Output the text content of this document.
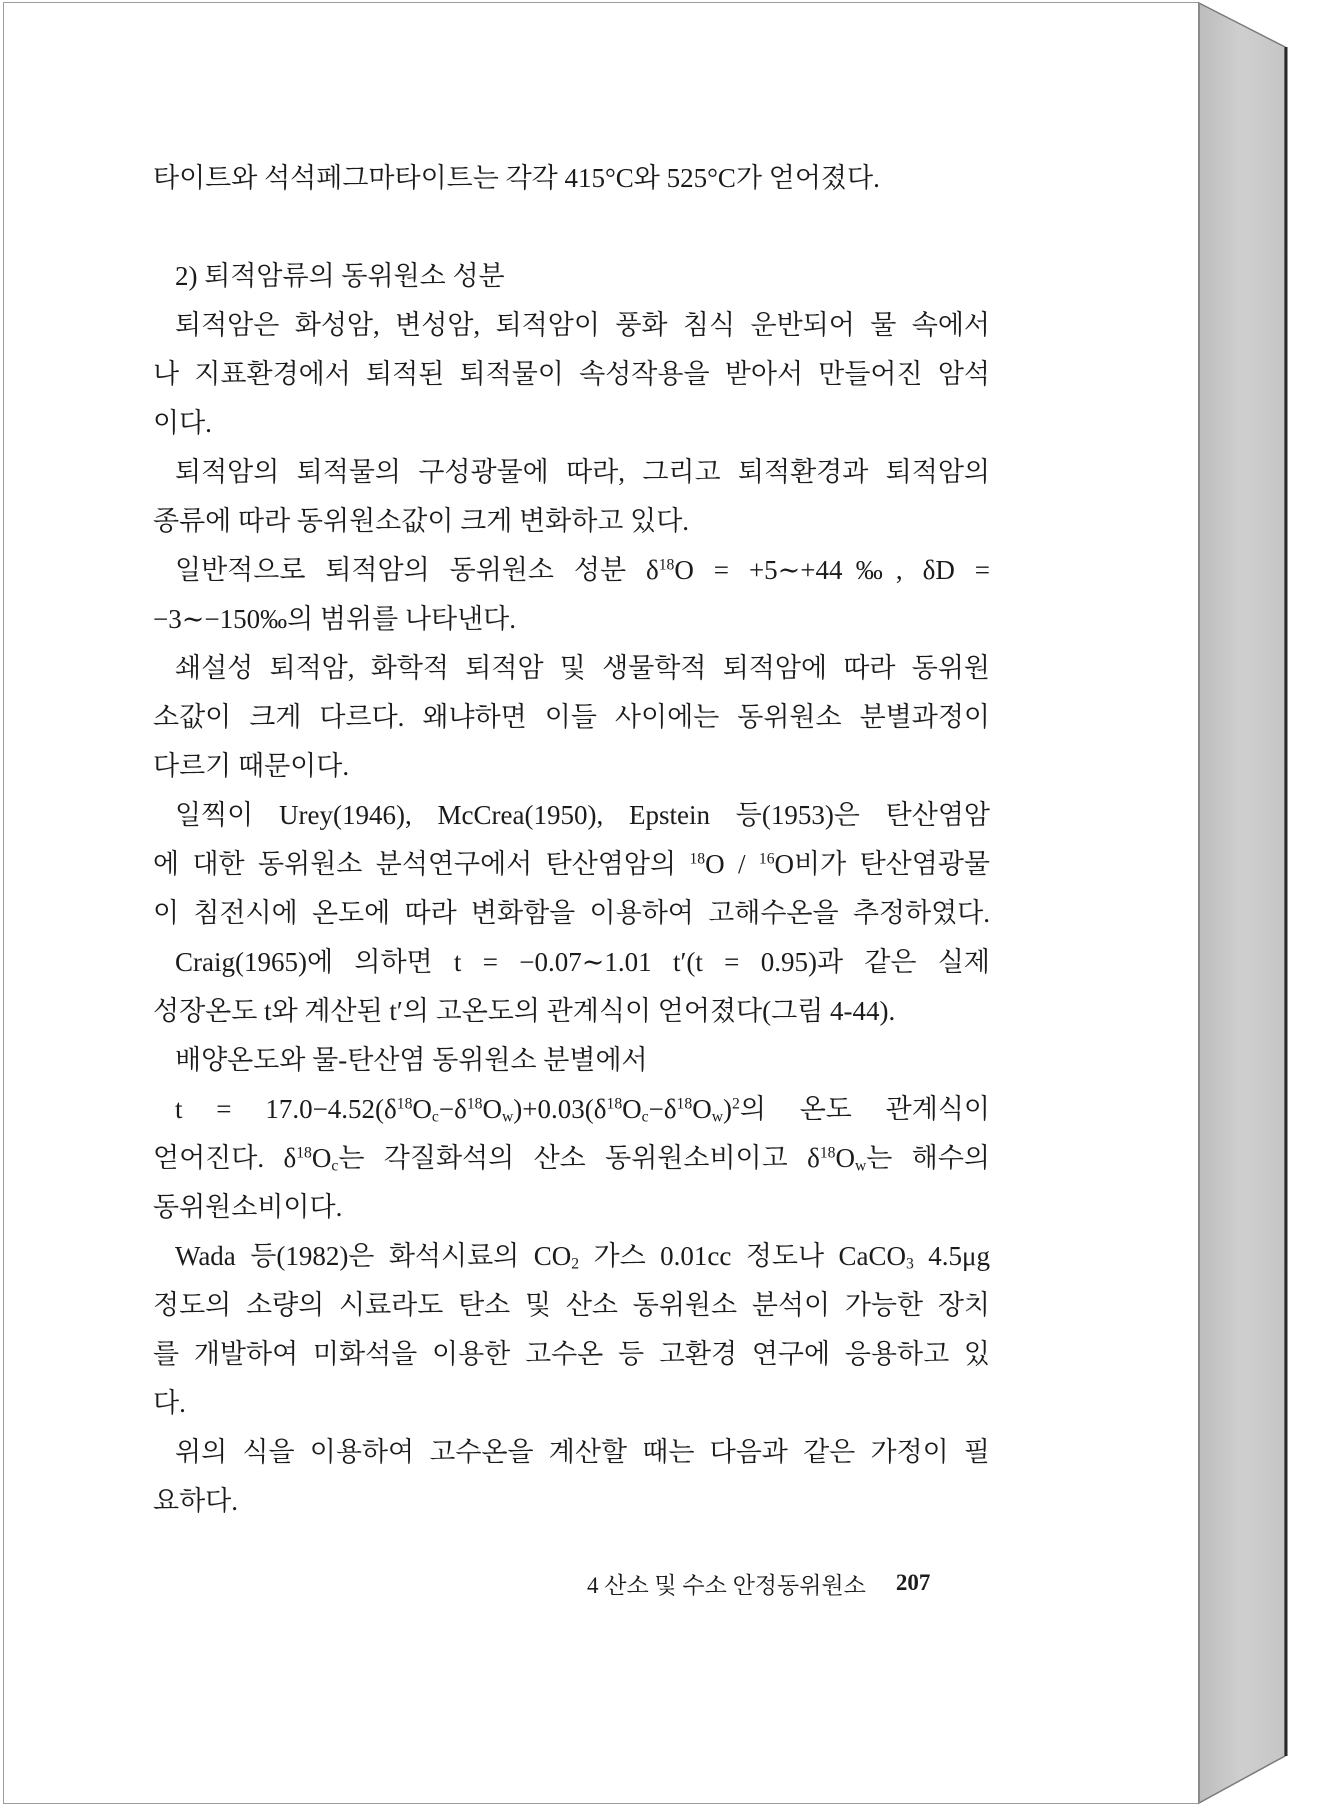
타이트와 석석페그마타이트는 각각 415°C와 525°C가 얻어졌다.
2) 퇴적암류의 동위원소 성분
퇴적암은 화성암, 변성암, 퇴적암이 풍화 침식 운반되어 물 속에서
나 지표환경에서 퇴적된 퇴적물이 속성작용을 받아서 만들어진 암석
이다.
퇴적암의 퇴적물의 구성광물에 따라, 그리고 퇴적환경과 퇴적암의
종류에 따라 동위원소값이 크게 변화하고 있다.
일반적으로 퇴적암의 동위원소 성분 $\delta^{18}O$ = +5∼+44‰, δD =
−3∼−150‰의 범위를 나타낸다.
쇄설성 퇴적암, 화학적 퇴적암 및 생물학적 퇴적암에 따라 동위원
소값이 크게 다르다. 왜냐하면 이들 사이에는 동위원소 분별과정이
다르기 때문이다.
일찍이 Urey(1946), McCrea(1950), Epstein 등(1953)은 탄산염암
에 대한 동위원소 분석연구에서 탄산염암의 $^{18}$O / $^{16}$O비가 탄산염광물
이 침전시에 온도에 따라 변화함을 이용하여 고해수온을 추정하였다.
Craig(1965)에 의하면 t = −0.07∼1.01 t′(t = 0.95)과 같은 실제
성장온도 t와 계산된 t′의 고온도의 관계식이 얻어졌다(그림 4-44).
배양온도와 물-탄산염 동위원소 분별에서
$t = 17.0-4.52(\delta^{18}O_c-\delta^{18}O_w)+0.03(\delta^{18}O_c-\delta^{18}O_w)^2$의 온도 관계식이
얻어진다. $\delta^{18}O_c$는 각질화석의 산소 동위원소비이고 $\delta^{18}O_w$는 해수의
동위원소비이다.
Wada 등(1982)은 화석시료의 $CO_2$ 가스 0.01cc 정도나 CaCO$_3$ 4.5μg
정도의 소량의 시료라도 탄소 및 산소 동위원소 분석이 가능한 장치
를 개발하여 미화석을 이용한 고수온 등 고환경 연구에 응용하고 있
다.
위의 식을 이용하여 고수온을 계산할 때는 다음과 같은 가정이 필
요하다.
4 산소 및 수소 안정동위원소 207
